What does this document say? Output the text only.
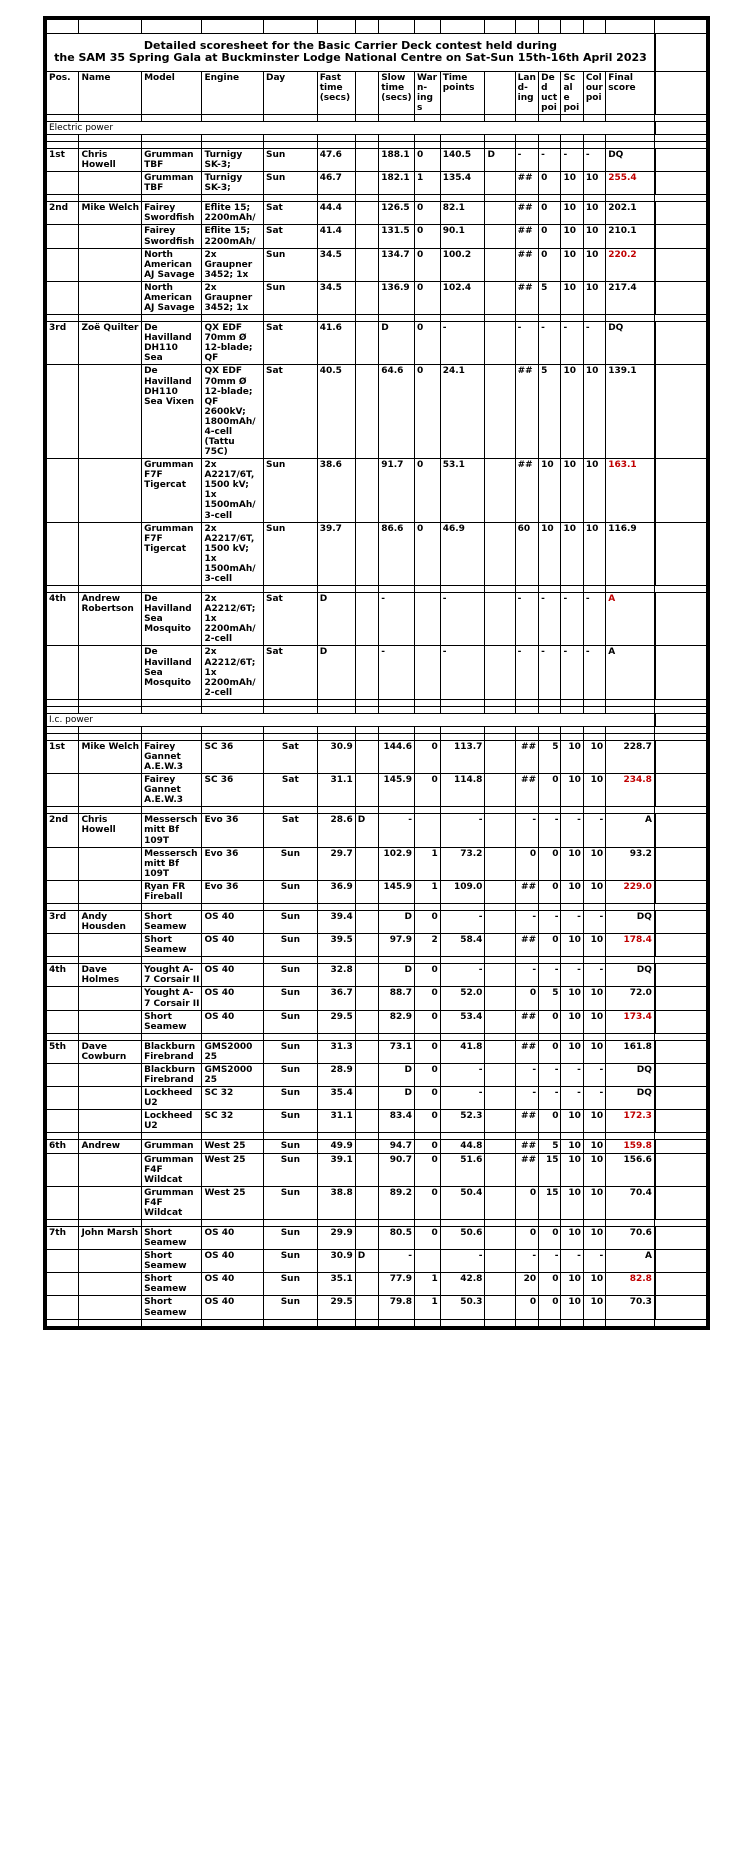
Detailed scoresheet for the Basic Carrier Deck contest held during
the SAM 35 Spring Gala at Buckminster Lodge National Centre on Sat-Sun 15th-16th April 2023																

Pos.	Name	Model	Engine	Day	Fast time (secs)		Slow time (secs)	War n-ings	Time points		Lan d-ing	Ded uct poi	Scal e poi	Col our poi	Final score	

Electric power																

1st	Chris Howell	Grumman TBF	Turnigy SK-3;	Sun	47.6		188.1	0	140.5	D	-	-	-	-	DQ	
		Grumman TBF	Turnigy SK-3;	Sun	46.7		182.1	1	135.4		##	0	10	10	255.4	

2nd	Mike Welch	Fairey Swordfish	Eflite 15; 2200mAh/	Sat	44.4		126.5	0	82.1		##	0	10	10	202.1	
		Fairey Swordfish	Eflite 15; 2200mAh/	Sat	41.4		131.5	0	90.1		##	0	10	10	210.1	
		North American AJ Savage	2x Graupner 3452; 1x	Sun	34.5		134.7	0	100.2		##	0	10	10	220.2	
		North American AJ Savage	2x Graupner 3452; 1x	Sun	34.5		136.9	0	102.4		##	5	10	10	217.4	

3rd	Zoë Quilter	De Havilland DH110 Sea	QX EDF 70mm Ø 12-blade; QF	Sat	41.6		D	0	-		-	-	-	-	DQ	
		De Havilland DH110 Sea Vixen	QX EDF 70mm Ø 12-blade; QF 2600kV; 1800mAh/ 4-cell (Tattu 75C)	Sat	40.5		64.6	0	24.1		##	5	10	10	139.1	
		Grumman F7F Tigercat	2x A2217/6T, 1500 kV; 1x 1500mAh/ 3-cell	Sun	38.6		91.7	0	53.1		##	10	10	10	163.1	
		Grumman F7F Tigercat	2x A2217/6T, 1500 kV; 1x 1500mAh/ 3-cell	Sun	39.7		86.6	0	46.9		60	10	10	10	116.9	

4th	Andrew Robertson	De Havilland Sea Mosquito	2x A2212/6T; 1x 2200mAh/ 2-cell	Sat	D		-		-		-	-	-	-	A	
		De Havilland Sea Mosquito	2x A2212/6T; 1x 2200mAh/ 2-cell	Sat	D		-		-		-	-	-	-	A	

I.c. power																

1st	Mike Welch	Fairey Gannet A.E.W.3	SC 36	Sat	30.9		144.6	0	113.7		##	5	10	10	228.7	
		Fairey Gannet A.E.W.3	SC 36	Sat	31.1		145.9	0	114.8		##	0	10	10	234.8	

2nd	Chris Howell	Messersch mitt Bf 109T	Evo 36	Sat	28.6	D	-		-		-	-	-	-	A	
		Messersch mitt Bf 109T	Evo 36	Sun	29.7		102.9	1	73.2		0	0	10	10	93.2	
		Ryan FR Fireball	Evo 36	Sun	36.9		145.9	1	109.0		##	0	10	10	229.0	

3rd	Andy Housden	Short Seamew	OS 40	Sun	39.4		D	0	-		-	-	-	-	DQ	
		Short Seamew	OS 40	Sun	39.5		97.9	2	58.4		##	0	10	10	178.4	

4th	Dave Holmes	Yought A-7 Corsair II	OS 40	Sun	32.8		D	0	-		-	-	-	-	DQ	
		Yought A-7 Corsair II	OS 40	Sun	36.7		88.7	0	52.0		0	5	10	10	72.0	
		Short Seamew	OS 40	Sun	29.5		82.9	0	53.4		##	0	10	10	173.4	

5th	Dave Cowburn	Blackburn Firebrand	GMS2000 25	Sun	31.3		73.1	0	41.8		##	0	10	10	161.8	
		Blackburn Firebrand	GMS2000 25	Sun	28.9		D	0	-		-	-	-	-	DQ	
		Lockheed U2	SC 32	Sun	35.4		D	0	-		-	-	-	-	DQ	
		Lockheed U2	SC 32	Sun	31.1		83.4	0	52.3		##	0	10	10	172.3	

6th	Andrew	Grumman	West 25	Sun	49.9		94.7	0	44.8		##	5	10	10	159.8	
		Grumman F4F Wildcat	West 25	Sun	39.1		90.7	0	51.6		##	15	10	10	156.6	
		Grumman F4F Wildcat	West 25	Sun	38.8		89.2	0	50.4		0	15	10	10	70.4	

7th	John Marsh	Short Seamew	OS 40	Sun	29.9		80.5	0	50.6		0	0	10	10	70.6	
		Short Seamew	OS 40	Sun	30.9	D	-		-		-	-	-	-	A	
		Short Seamew	OS 40	Sun	35.1		77.9	1	42.8		20	0	10	10	82.8	
		Short Seamew	OS 40	Sun	29.5		79.8	1	50.3		0	0	10	10	70.3	
